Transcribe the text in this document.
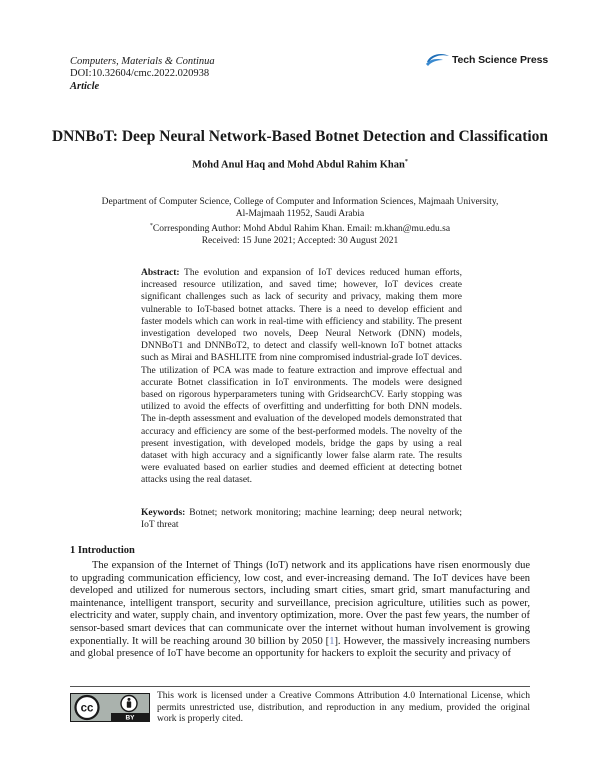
Computers, Materials & Continua
DOI:10.32604/cmc.2022.020938
Article
Tech Science Press
DNNBoT: Deep Neural Network-Based Botnet Detection and Classification
Mohd Anul Haq and Mohd Abdul Rahim Khan*
Department of Computer Science, College of Computer and Information Sciences, Majmaah University,
Al-Majmaah 11952, Saudi Arabia
*Corresponding Author: Mohd Abdul Rahim Khan. Email: m.khan@mu.edu.sa
Received: 15 June 2021; Accepted: 30 August 2021
Abstract: The evolution and expansion of IoT devices reduced human efforts, increased resource utilization, and saved time; however, IoT devices create significant challenges such as lack of security and privacy, making them more vulnerable to IoT-based botnet attacks. There is a need to develop efficient and faster models which can work in real-time with efficiency and stability. The present investigation developed two novels, Deep Neural Network (DNN) models, DNNBoT1 and DNNBoT2, to detect and classify well-known IoT botnet attacks such as Mirai and BASHLITE from nine compromised industrial-grade IoT devices. The utilization of PCA was made to feature extraction and improve effectual and accurate Botnet classification in IoT environments. The models were designed based on rigorous hyperparameters tuning with GridsearchCV. Early stopping was utilized to avoid the effects of overfitting and underfitting for both DNN models. The in-depth assessment and evaluation of the developed models demonstrated that accuracy and efficiency are some of the best-performed models. The novelty of the present investigation, with developed models, bridge the gaps by using a real dataset with high accuracy and a significantly lower false alarm rate. The results were evaluated based on earlier studies and deemed efficient at detecting botnet attacks using the real dataset.
Keywords: Botnet; network monitoring; machine learning; deep neural network; IoT threat
1 Introduction
The expansion of the Internet of Things (IoT) network and its applications have risen enormously due to upgrading communication efficiency, low cost, and ever-increasing demand. The IoT devices have been developed and utilized for numerous sectors, including smart cities, smart grid, smart manufacturing and maintenance, intelligent transport, security and surveillance, precision agriculture, utilities such as power, electricity and water, supply chain, and inventory optimization, more. Over the past few years, the number of sensor-based smart devices that can communicate over the internet without human involvement is growing exponentially. It will be reaching around 30 billion by 2050 [1]. However, the massively increasing numbers and global presence of IoT have become an opportunity for hackers to exploit the security and privacy of
cc
BY
This work is licensed under a Creative Commons Attribution 4.0 International License, which permits unrestricted use, distribution, and reproduction in any medium, provided the original work is properly cited.
